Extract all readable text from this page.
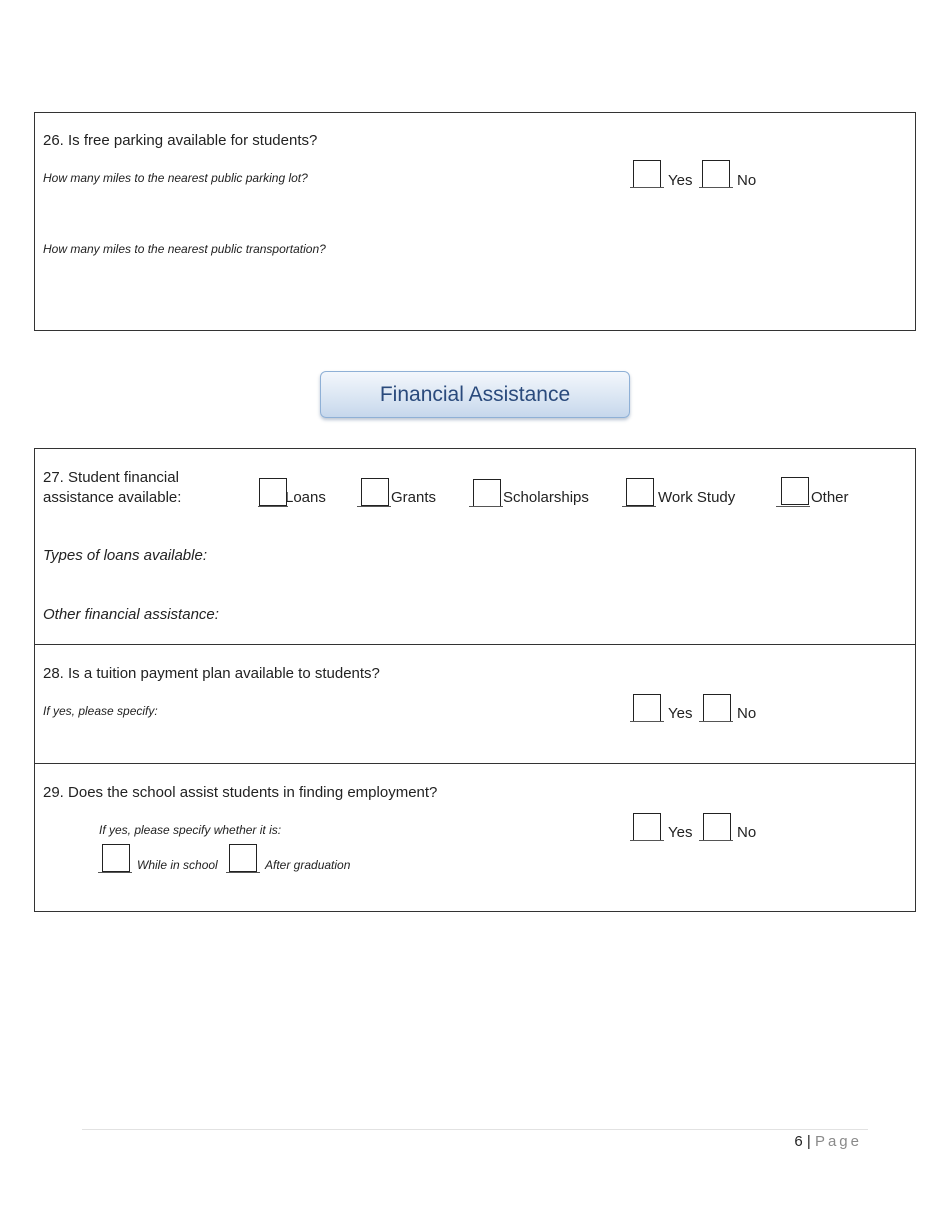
26. Is free parking available for students?
How many miles to the nearest public parking lot?
How many miles to the nearest public transportation?
Yes	No
Financial Assistance
27. Student financial
assistance available:	Loans	Grants	Scholarships	Work Study	Other
Types of loans available:
Other financial assistance:
28. Is a tuition payment plan available to students?
If yes, please specify:	Yes	No
29. Does the school assist students in finding employment?
If yes, please specify whether it is:
While in school	After graduation
Yes	No
6 | Page
